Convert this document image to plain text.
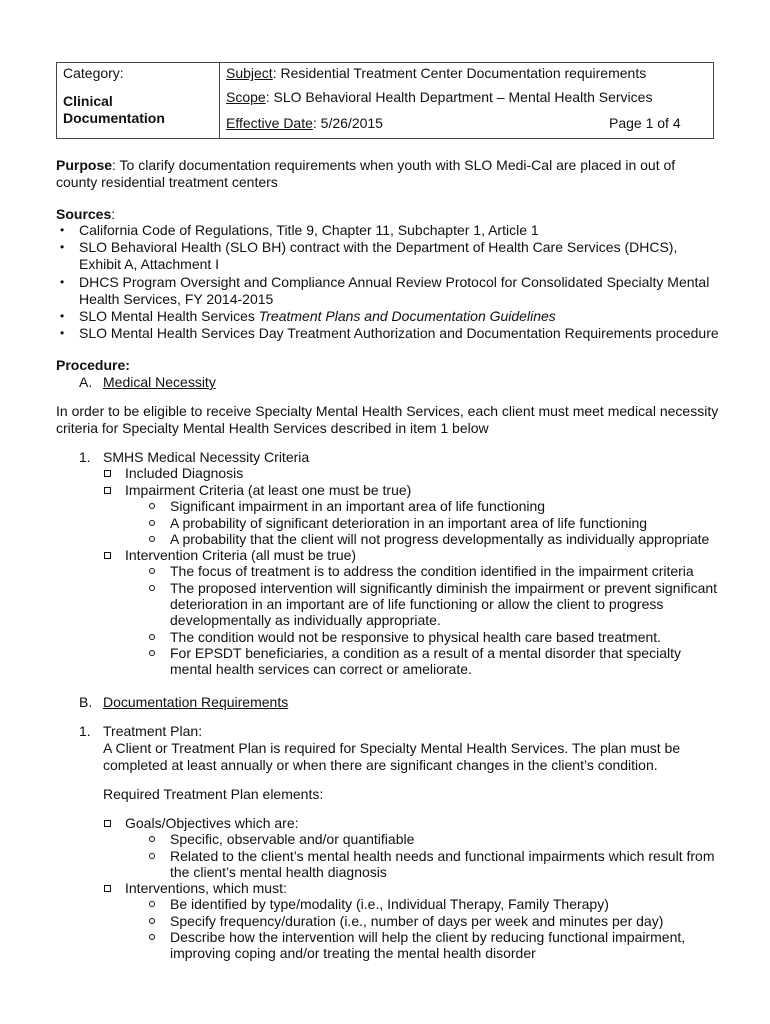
Category:
Clinical
Documentation
Subject: Residential Treatment Center Documentation requirements
Scope: SLO Behavioral Health Department – Mental Health Services
Effective Date: 5/26/2015	Page 1 of 4
Purpose: To clarify documentation requirements when youth with SLO Medi-Cal are placed in out of
county residential treatment centers
Sources:
• California Code of Regulations, Title 9, Chapter 11, Subchapter 1, Article 1
• SLO Behavioral Health (SLO BH) contract with the Department of Health Care Services (DHCS),
Exhibit A, Attachment I
• DHCS Program Oversight and Compliance Annual Review Protocol for Consolidated Specialty Mental
Health Services, FY 2014-2015
• SLO Mental Health Services Treatment Plans and Documentation Guidelines
• SLO Mental Health Services Day Treatment Authorization and Documentation Requirements procedure
Procedure:
A. Medical Necessity
In order to be eligible to receive Specialty Mental Health Services, each client must meet medical necessity
criteria for Specialty Mental Health Services described in item 1 below
1. SMHS Medical Necessity Criteria
Included Diagnosis
Impairment Criteria (at least one must be true)
Significant impairment in an important area of life functioning
A probability of significant deterioration in an important area of life functioning
A probability that the client will not progress developmentally as individually appropriate
Intervention Criteria (all must be true)
The focus of treatment is to address the condition identified in the impairment criteria
The proposed intervention will significantly diminish the impairment or prevent significant
deterioration in an important are of life functioning or allow the client to progress
developmentally as individually appropriate.
The condition would not be responsive to physical health care based treatment.
For EPSDT beneficiaries, a condition as a result of a mental disorder that specialty
mental health services can correct or ameliorate.
B. Documentation Requirements
1. Treatment Plan:
A Client or Treatment Plan is required for Specialty Mental Health Services. The plan must be
completed at least annually or when there are significant changes in the client’s condition.
Required Treatment Plan elements:
Goals/Objectives which are:
Specific, observable and/or quantifiable
Related to the client’s mental health needs and functional impairments which result from
the client’s mental health diagnosis
Interventions, which must:
Be identified by type/modality (i.e., Individual Therapy, Family Therapy)
Specify frequency/duration (i.e., number of days per week and minutes per day)
Describe how the intervention will help the client by reducing functional impairment,
improving coping and/or treating the mental health disorder
